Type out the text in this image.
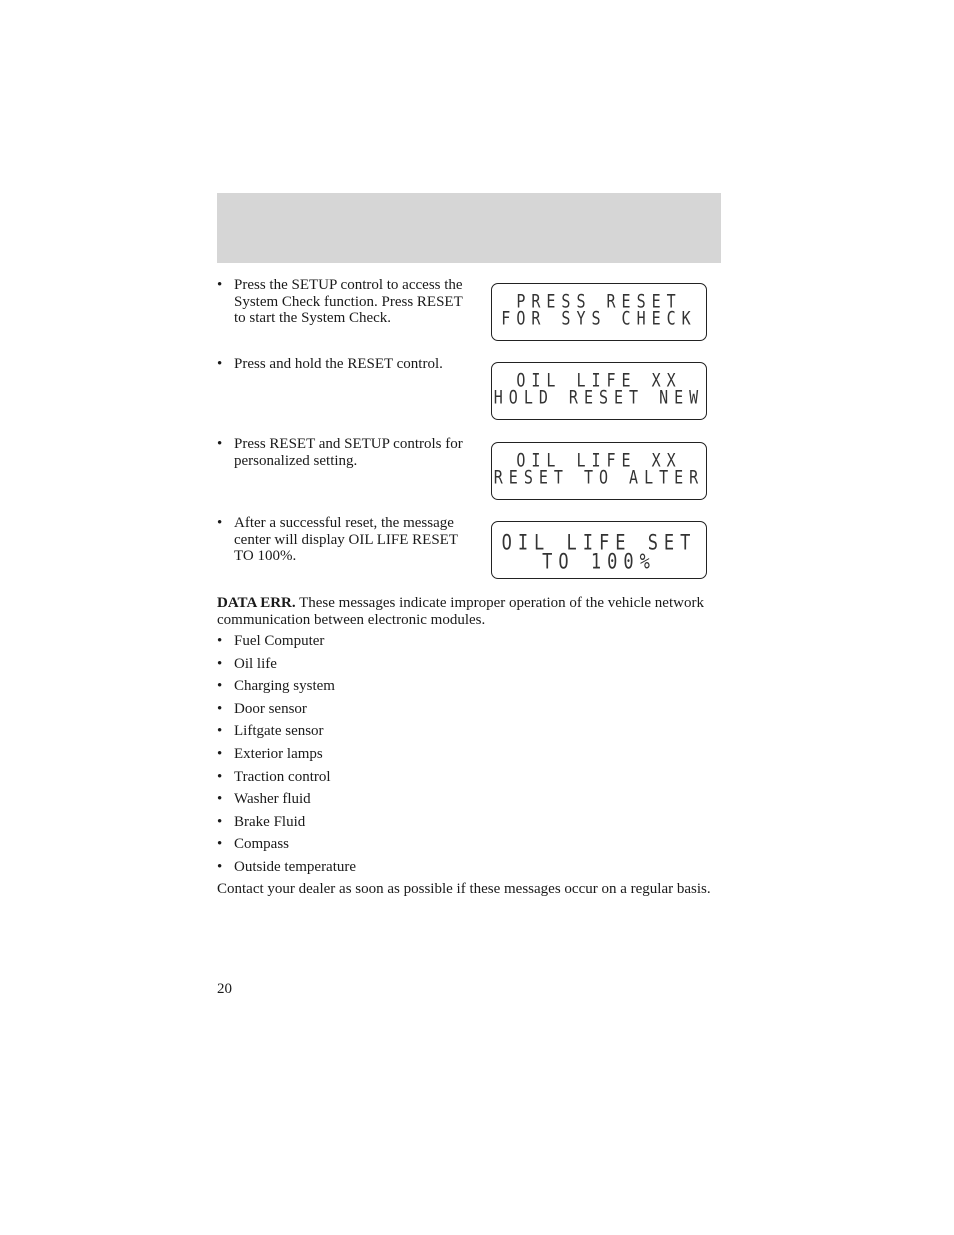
• Press the SETUP control to access the System Check function. Press RESET to start the System Check.

PRESS RESET

FOR SYS CHECK

• Press and hold the RESET control.

OIL LIFE XX

HOLD RESET NEW

• Press RESET and SETUP controls for personalized setting.

	OIL LIFE XX

RESET TO ALTER

• After a successful reset, the message center will display OIL LIFE RESET TO 100%.

OIL LIFE SET

TO 100%

DATA ERR. These messages indicate improper operation of the vehicle network communication between electronic modules.
• Fuel Computer
• Oil life
• Charging system
• Door sensor
• Liftgate sensor
• Exterior lamps
• Traction control
• Washer fluid
• Brake Fluid
• Compass
• Outside temperature
Contact your dealer as soon as possible if these messages occur on a regular basis.
20
